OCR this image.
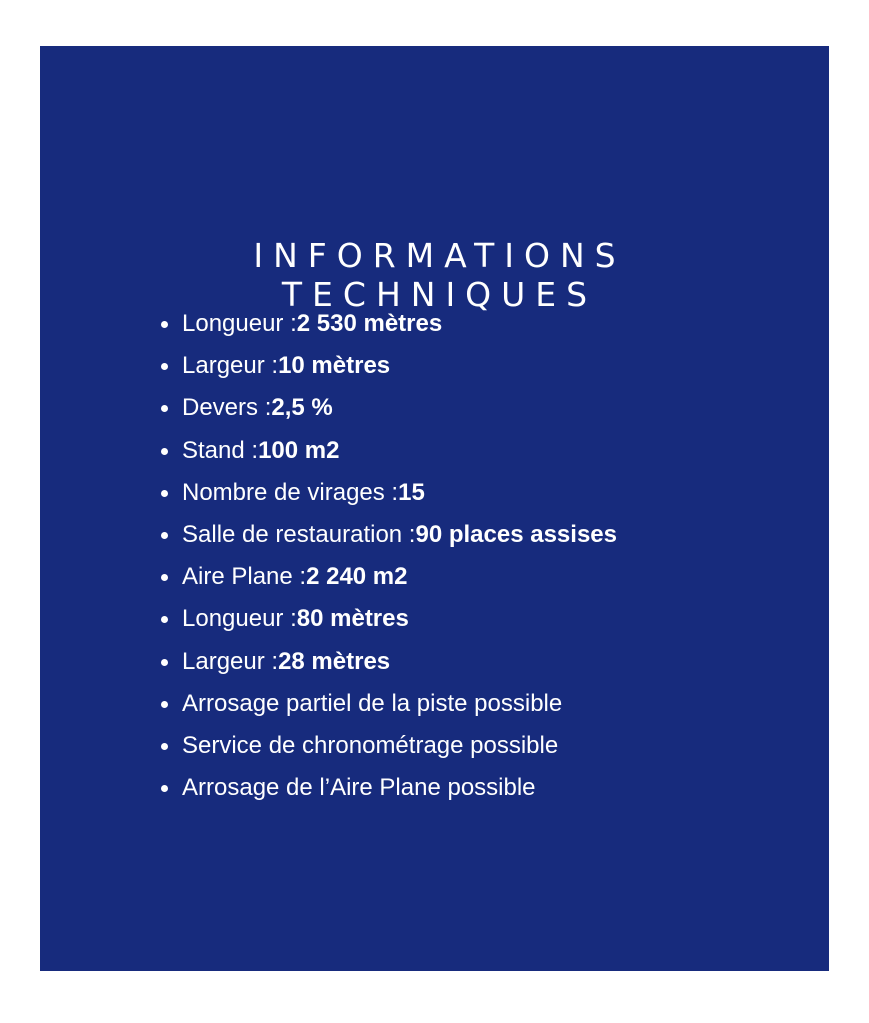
INFORMATIONS
TECHNIQUES
Longueur : 2 530 mètres
Largeur : 10 mètres
Devers : 2,5 %
Stand : 100 m2
Nombre de virages : 15
Salle de restauration : 90 places assises
Aire Plane : 2 240 m2
Longueur : 80 mètres
Largeur : 28 mètres
Arrosage partiel de la piste possible
Service de chronométrage possible
Arrosage de l’Aire Plane possible
